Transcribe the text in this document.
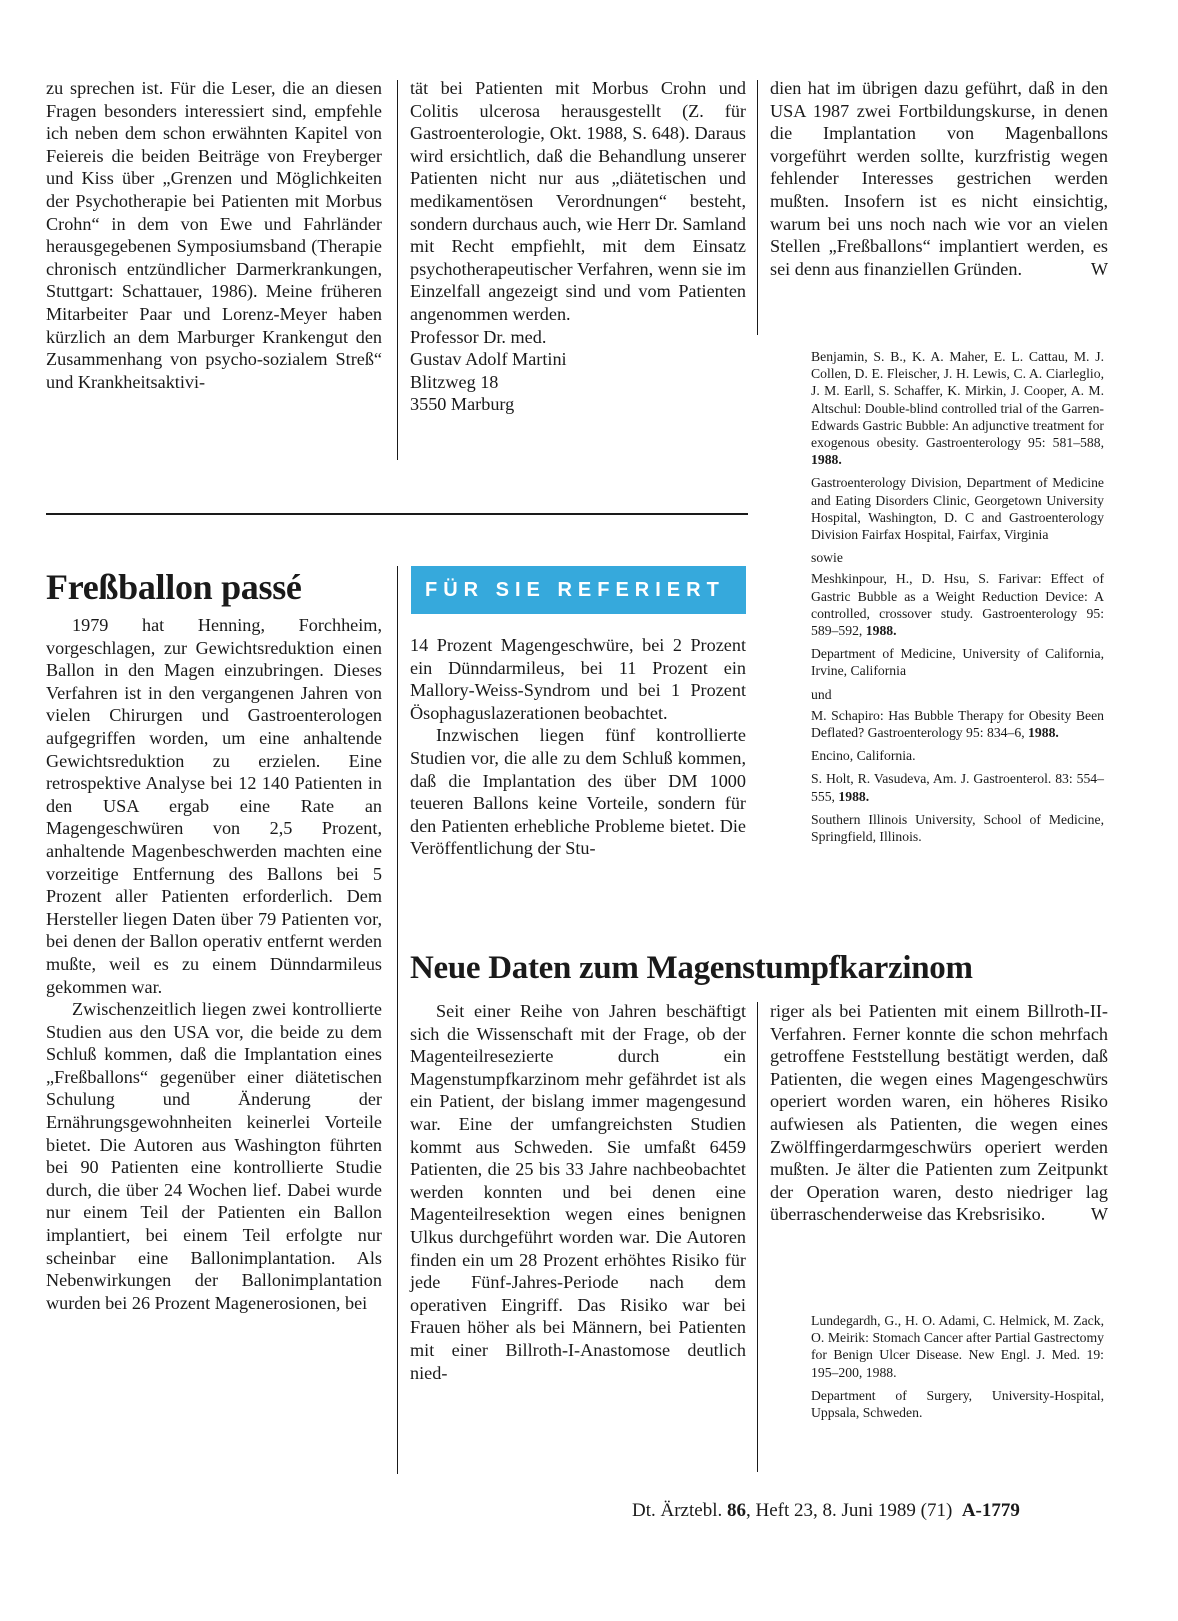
zu sprechen ist. Für die Leser, die an diesen Fragen besonders interessiert sind, empfehle ich neben dem schon erwähnten Kapitel von Feiereis die beiden Beiträge von Freyberger und Kiss über „Grenzen und Möglichkeiten der Psychotherapie bei Patienten mit Morbus Crohn“ in dem von Ewe und Fahrländer herausgegebenen Symposiumsband (Therapie chronisch entzündlicher Darmerkrankungen, Stuttgart: Schattauer, 1986). Meine früheren Mitarbeiter Paar und Lorenz-Meyer haben kürzlich an dem Marburger Krankengut den Zusammenhang von psycho-sozialem Streß“ und Krankheitsaktivi-

tät bei Patienten mit Morbus Crohn und Colitis ulcerosa herausgestellt (Z. für Gastroenterologie, Okt. 1988, S. 648). Daraus wird ersichtlich, daß die Behandlung unserer Patienten nicht nur aus „diätetischen und medikamentösen Verordnungen“ besteht, sondern durchaus auch, wie Herr Dr. Samland mit Recht empfiehlt, mit dem Einsatz psychotherapeutischer Verfahren, wenn sie im Einzelfall angezeigt sind und vom Patienten angenommen werden.

Professor Dr. med.

Gustav Adolf Martini

Blitzweg 18

3550 Marburg

dien hat im übrigen dazu geführt, daß in den USA 1987 zwei Fortbildungskurse, in denen die Implantation von Magenballons vorgeführt werden sollte, kurzfristig wegen fehlender Interesses gestrichen werden mußten. Insofern ist es nicht einsichtig, warum bei uns noch nach wie vor an vielen Stellen „Freßballons“ implantiert werden, es sei denn aus finanziellen Gründen.	W

Benjamin, S. B., K. A. Maher, E. L. Cattau, M. J. Collen, D. E. Fleischer, J. H. Lewis, C. A. Ciarleglio, J. M. Earll, S. Schaffer, K. Mirkin, J. Cooper, A. M. Altschul: Double-blind controlled trial of the Garren-Edwards Gastric Bubble: An adjunctive treatment for exogenous obesity. Gastroenterology 95: 581–588, 1988.

Gastroenterology Division, Department of Medicine and Eating Disorders Clinic, Georgetown University Hospital, Washington, D. C and Gastroenterology Division Fairfax Hospital, Fairfax, Virginia

sowie

Meshkinpour, H., D. Hsu, S. Farivar: Effect of Gastric Bubble as a Weight Reduction Device: A controlled, crossover study. Gastroenterology 95: 589–592, 1988.

Department of Medicine, University of California, Irvine, California

und

M. Schapiro: Has Bubble Therapy for Obesity Been Deflated? Gastroenterology 95: 834–6, 1988.

Encino, California.

S. Holt, R. Vasudeva, Am. J. Gastroenterol. 83: 554–555, 1988.

Southern Illinois University, School of Medicine, Springfield, Illinois.

Freßballon passé	FÜR SIE REFERIERT

1979 hat Henning, Forchheim, vorgeschlagen, zur Gewichtsreduktion einen Ballon in den Magen einzubringen. Dieses Verfahren ist in den vergangenen Jahren von vielen Chirurgen und Gastroenterologen aufgegriffen worden, um eine anhaltende Gewichtsreduktion zu erzielen. Eine retrospektive Analyse bei 12 140 Patienten in den USA ergab eine Rate an Magengeschwüren von 2,5 Prozent, anhaltende Magenbeschwerden machten eine vorzeitige Entfernung des Ballons bei 5 Prozent aller Patienten erforderlich. Dem Hersteller liegen Daten über 79 Patienten vor, bei denen der Ballon operativ entfernt werden mußte, weil es zu einem Dünndarmileus gekommen war.

Zwischenzeitlich liegen zwei kontrollierte Studien aus den USA vor, die beide zu dem Schluß kommen, daß die Implantation eines „Freßballons“ gegenüber einer diätetischen Schulung und Änderung der Ernährungsgewohnheiten keinerlei Vorteile bietet. Die Autoren aus Washington führten bei 90 Patienten eine kontrollierte Studie durch, die über 24 Wochen lief. Dabei wurde nur einem Teil der Patienten ein Ballon implantiert, bei einem Teil erfolgte nur scheinbar eine Ballonimplantation. Als Nebenwirkungen der Ballonimplantation wurden bei 26 Prozent Magenerosionen, bei

14 Prozent Magengeschwüre, bei 2 Prozent ein Dünndarmileus, bei 11 Prozent ein Mallory-Weiss-Syndrom und bei 1 Prozent Ösophaguslazerationen beobachtet.

Inzwischen liegen fünf kontrollierte Studien vor, die alle zu dem Schluß kommen, daß die Implantation des über DM 1000 teueren Ballons keine Vorteile, sondern für den Patienten erhebliche Probleme bietet. Die Veröffentlichung der Stu-

Neue Daten zum Magenstumpfkarzinom

Seit einer Reihe von Jahren beschäftigt sich die Wissenschaft mit der Frage, ob der Magenteilresezierte durch ein Magenstumpfkarzinom mehr gefährdet ist als ein Patient, der bislang immer magengesund war. Eine der umfangreichsten Studien kommt aus Schweden. Sie umfaßt 6459 Patienten, die 25 bis 33 Jahre nachbeobachtet werden konnten und bei denen eine Magenteilresektion wegen eines benignen Ulkus durchgeführt worden war. Die Autoren finden ein um 28 Prozent erhöhtes Risiko für jede Fünf-Jahres-Periode nach dem operativen Eingriff. Das Risiko war bei Frauen höher als bei Männern, bei Patienten mit einer Billroth-I-Anastomose deutlich nied-

riger als bei Patienten mit einem Billroth-II-Verfahren. Ferner konnte die schon mehrfach getroffene Feststellung bestätigt werden, daß Patienten, die wegen eines Magengeschwürs operiert worden waren, ein höheres Risiko aufwiesen als Patienten, die wegen eines Zwölffingerdarmgeschwürs operiert werden mußten. Je älter die Patienten zum Zeitpunkt der Operation waren, desto niedriger lag überraschenderweise das Krebsrisiko.	W

Lundegardh, G., H. O. Adami, C. Helmick, M. Zack, O. Meirik: Stomach Cancer after Partial Gastrectomy for Benign Ulcer Disease. New Engl. J. Med. 19: 195–200, 1988.

Department of Surgery, University-Hospital, Uppsala, Schweden.

Dt. Ärztebl. 86, Heft 23, 8. Juni 1989 (71) A-1779
